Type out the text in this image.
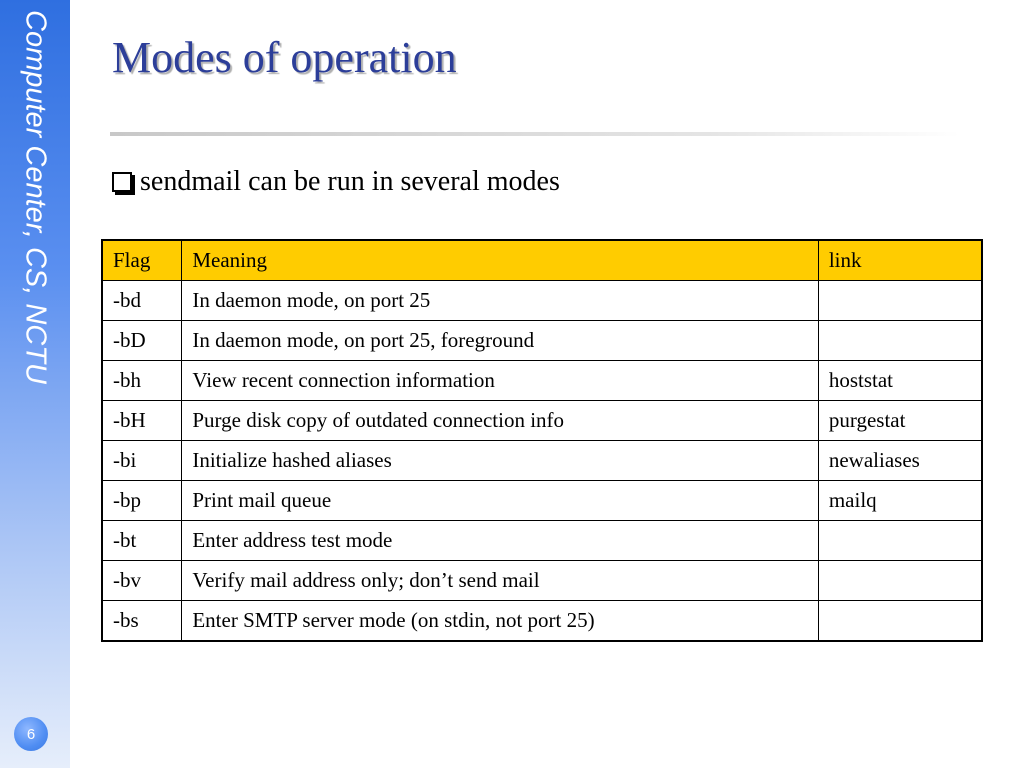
Computer Center, CS, NCTU
6
Modes of operation
sendmail can be run in several modes
Flag	Meaning	link
-bd	In daemon mode, on port 25	
-bD	In daemon mode, on port 25, foreground	
-bh	View recent connection information	hoststat
-bH	Purge disk copy of outdated connection info	purgestat
-bi	Initialize hashed aliases	newaliases
-bp	Print mail queue	mailq
-bt	Enter address test mode	
-bv	Verify mail address only; don’t send mail	
-bs	Enter SMTP server mode (on stdin, not port 25)	
